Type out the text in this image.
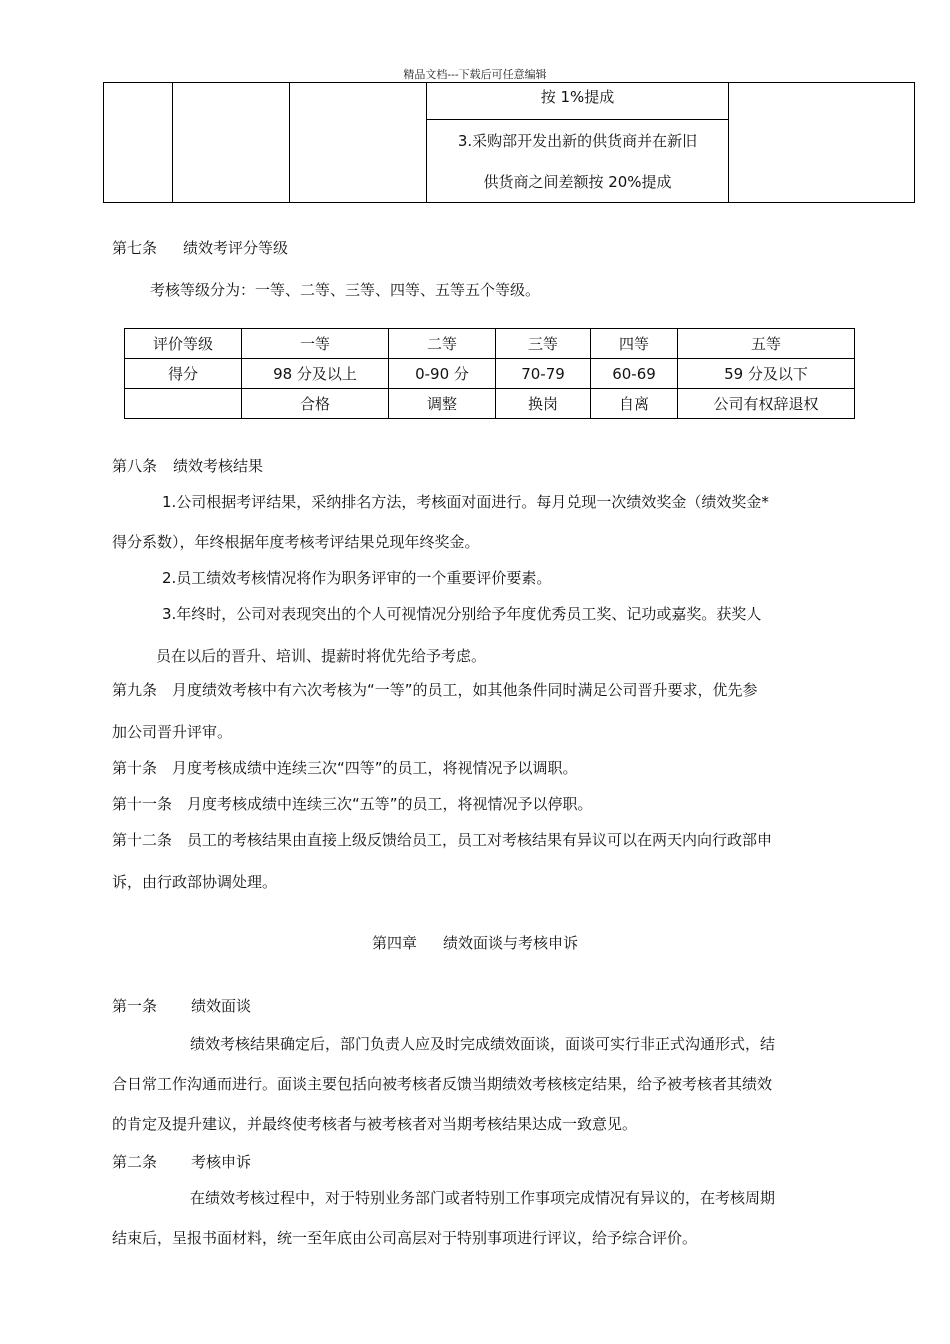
精品文档---下载后可任意编辑

按 1%提成
3.采购部开发出新的供货商并在新旧
供货商之间差额按 20%提成

第七条 绩效考评分等级
考核等级分为：一等、二等、三等、四等、五等五个等级。
评价等级	一等	二等	三等	四等	五等
得分	98 分及以上	0-90 分	70-79	60-69	59 分及以下
	合格	调整	换岗	自离	公司有权辞退权
第八条 绩效考核结果
1.公司根据考评结果，采纳排名方法，考核面对面进行。每月兑现一次绩效奖金（绩效奖金*
得分系数），年终根据年度考核考评结果兑现年终奖金。
2.员工绩效考核情况将作为职务评审的一个重要评价要素。
3.年终时，公司对表现突出的个人可视情况分别给予年度优秀员工奖、记功或嘉奖。获奖人
员在以后的晋升、培训、提薪时将优先给予考虑。
第九条　月度绩效考核中有六次考核为“一等”的员工，如其他条件同时满足公司晋升要求，优先参
加公司晋升评审。
第十条　月度考核成绩中连续三次“四等”的员工，将视情况予以调职。
第十一条　月度考核成绩中连续三次“五等”的员工，将视情况予以停职。
第十二条　员工的考核结果由直接上级反馈给员工，员工对考核结果有异议可以在两天内向行政部申
诉，由行政部协调处理。
第四章 绩效面谈与考核申诉
第一条 绩效面谈
绩效考核结果确定后，部门负责人应及时完成绩效面谈，面谈可实行非正式沟通形式，结
合日常工作沟通而进行。面谈主要包括向被考核者反馈当期绩效考核核定结果，给予被考核者其绩效
的肯定及提升建议，并最终使考核者与被考核者对当期考核结果达成一致意见。
第二条 考核申诉
在绩效考核过程中，对于特别业务部门或者特别工作事项完成情况有异议的，在考核周期
结束后，呈报书面材料，统一至年底由公司高层对于特别事项进行评议，给予综合评价。
